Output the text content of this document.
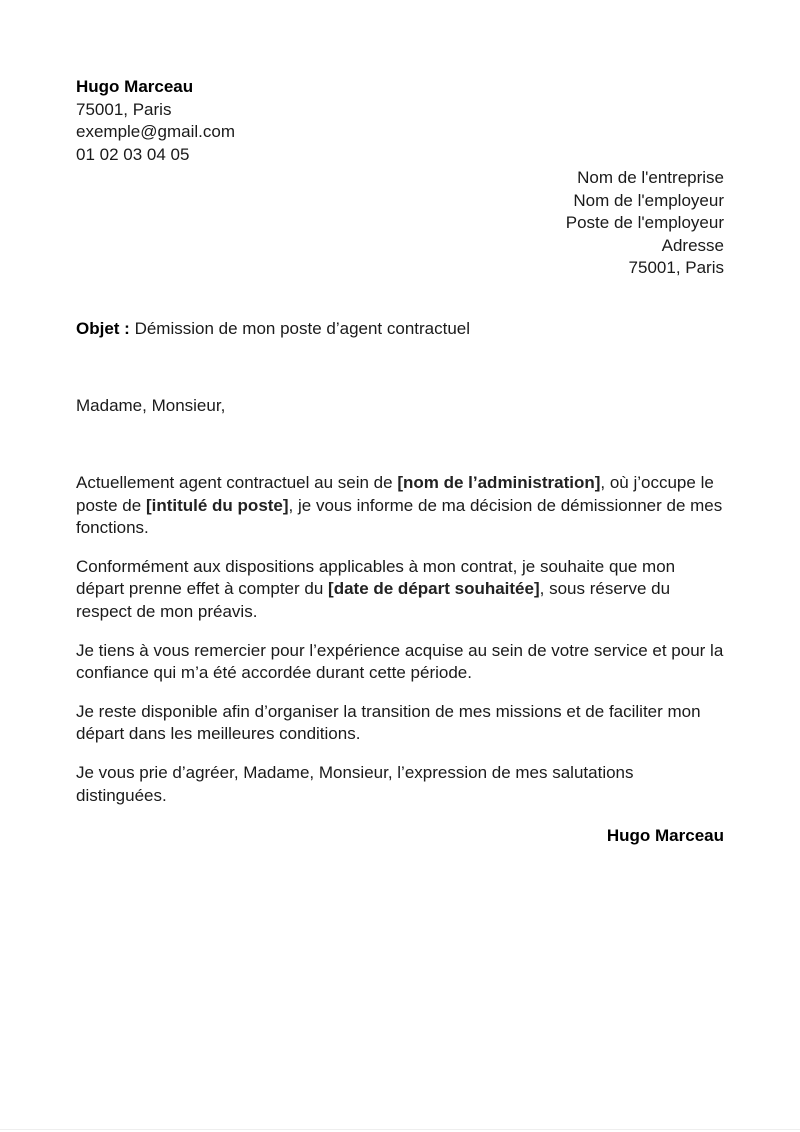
Hugo Marceau
75001, Paris
exemple@gmail.com
01 02 03 04 05
Nom de l'entreprise
Nom de l'employeur
Poste de l'employeur
Adresse
75001, Paris
Objet : Démission de mon poste d’agent contractuel
Madame, Monsieur,

Actuellement agent contractuel au sein de [nom de l’administration], où j’occupe le poste de [intitulé du poste], je vous informe de ma décision de démissionner de mes fonctions.

Conformément aux dispositions applicables à mon contrat, je souhaite que mon départ prenne effet à compter du [date de départ souhaitée], sous réserve du respect de mon préavis.

Je tiens à vous remercier pour l’expérience acquise au sein de votre service et pour la confiance qui m’a été accordée durant cette période.

Je reste disponible afin d’organiser la transition de mes missions et de faciliter mon départ dans les meilleures conditions.

Je vous prie d’agréer, Madame, Monsieur, l’expression de mes salutations distinguées.

Hugo Marceau
